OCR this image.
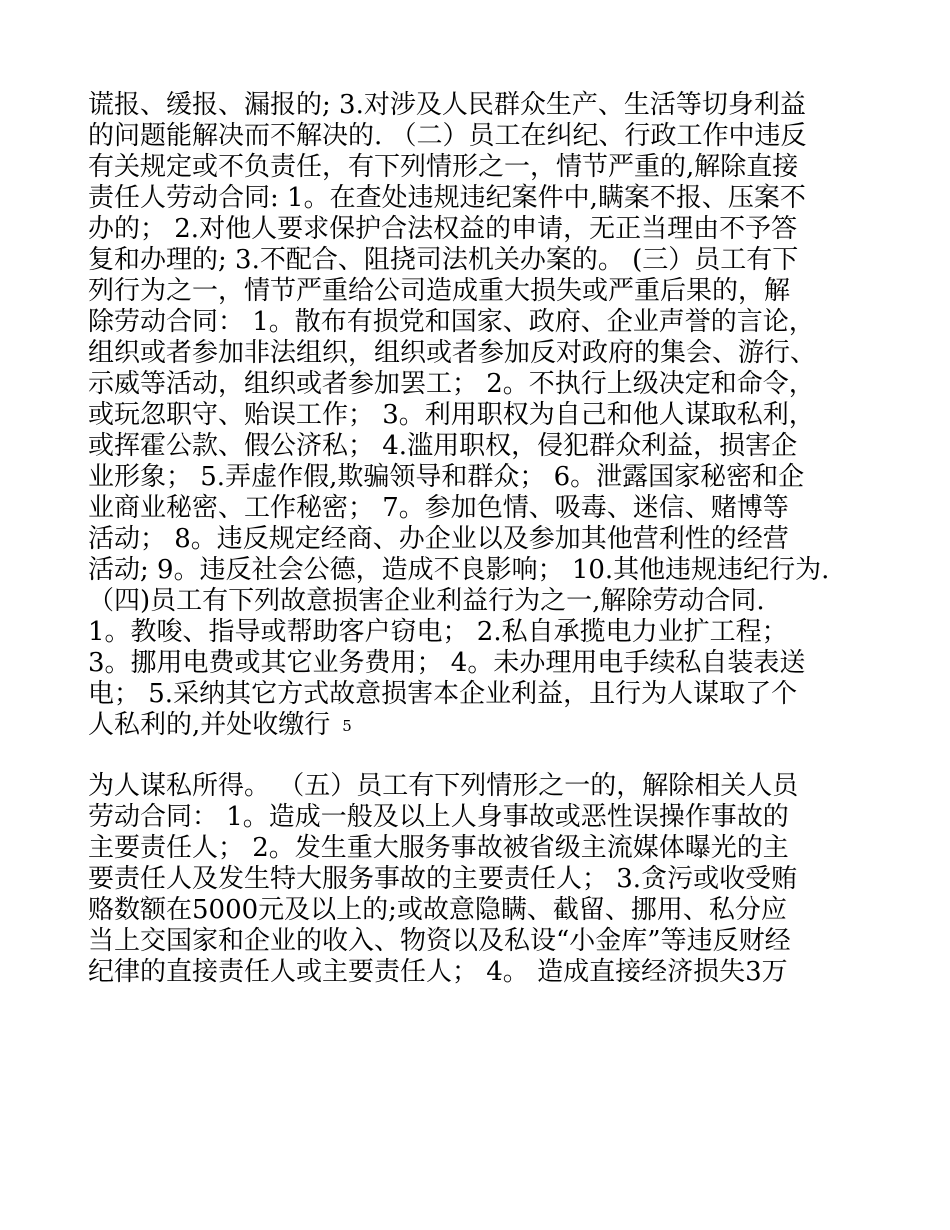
谎报、缓报、漏报的; 3.对涉及人民群众生产、生活等切身利益
的问题能解决而不解决的. （二）员工在纠纪、行政工作中违反
有关规定或不负责任，有下列情形之一，情节严重的,解除直接
责任人劳动合同: 1。在查处违规违纪案件中,瞒案不报、压案不
办的； 2.对他人要求保护合法权益的申请，无正当理由不予答
复和办理的; 3.不配合、阻挠司法机关办案的。 (三）员工有下
列行为之一，情节严重给公司造成重大损失或严重后果的，解
除劳动合同： 1。散布有损党和国家、政府、企业声誉的言论，
组织或者参加非法组织，组织或者参加反对政府的集会、游行、
示威等活动，组织或者参加罢工； 2。不执行上级决定和命令，
或玩忽职守、贻误工作； 3。利用职权为自己和他人谋取私利，
或挥霍公款、假公济私； 4.滥用职权，侵犯群众利益，损害企
业形象； 5.弄虚作假,欺骗领导和群众； 6。泄露国家秘密和企
业商业秘密、工作秘密； 7。参加色情、吸毒、迷信、赌博等
活动； 8。违反规定经商、办企业以及参加其他营利性的经营
活动; 9。违反社会公德，造成不良影响； 10.其他违规违纪行为.
（四)员工有下列故意损害企业利益行为之一,解除劳动合同.
1。教唆、指导或帮助客户窃电； 2.私自承揽电力业扩工程；
3。挪用电费或其它业务费用； 4。未办理用电手续私自装表送
电； 5.采纳其它方式故意损害本企业利益，且行为人谋取了个
人私利的,并处收缴行 5
为人谋私所得。 （五）员工有下列情形之一的，解除相关人员
劳动合同： 1。造成一般及以上人身事故或恶性误操作事故的
主要责任人； 2。发生重大服务事故被省级主流媒体曝光的主
要责任人及发生特大服务事故的主要责任人； 3.贪污或收受贿
赂数额在5000元及以上的;或故意隐瞒、截留、挪用、私分应
当上交国家和企业的收入、物资以及私设“小金库”等违反财经
纪律的直接责任人或主要责任人； 4。 造成直接经济损失3万
